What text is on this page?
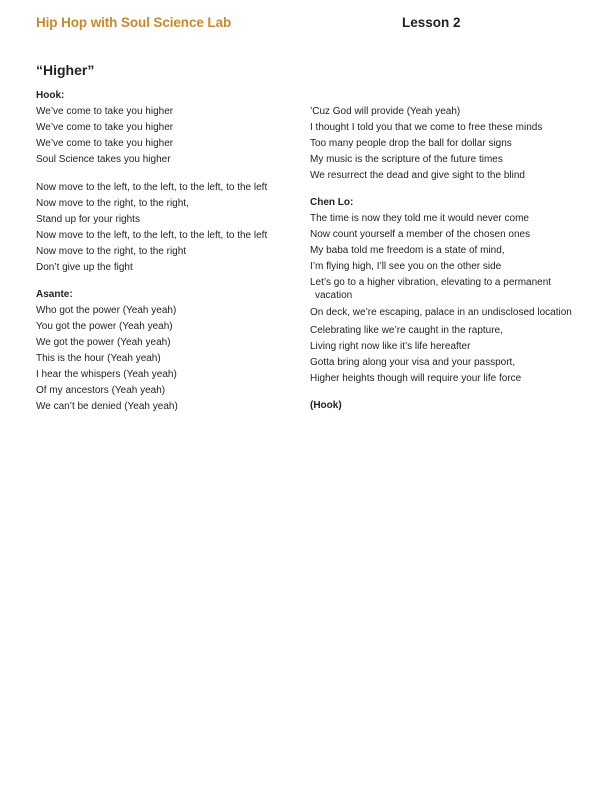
Hip Hop with Soul Science Lab	Lesson 2
“Higher”
Hook:
We’ve come to take you higher
We’ve come to take you higher
We’ve come to take you higher
Soul Science takes you higher
Now move to the left, to the left, to the left, to the left
Now move to the right, to the right,
Stand up for your rights
Now move to the left, to the left, to the left, to the left
Now move to the right, to the right
Don’t give up the fight
Asante:
Who got the power (Yeah yeah)
You got the power (Yeah yeah)
We got the power (Yeah yeah)
This is the hour (Yeah yeah)
I hear the whispers (Yeah yeah)
Of my ancestors (Yeah yeah)
We can’t be denied (Yeah yeah)
’Cuz God will provide (Yeah yeah)
I thought I told you that we come to free these minds
Too many people drop the ball for dollar signs
My music is the scripture of the future times
We resurrect the dead and give sight to the blind
Chen Lo:
The time is now they told me it would never come
Now count yourself a member of the chosen ones
My baba told me freedom is a state of mind,
I’m flying high, I’ll see you on the other side
Let’s go to a higher vibration, elevating to a permanent vacation
On deck, we’re escaping, palace in an undisclosed location
Celebrating like we’re caught in the rapture,
Living right now like it’s life hereafter
Gotta bring along your visa and your passport,
Higher heights though will require your life force
(Hook)
